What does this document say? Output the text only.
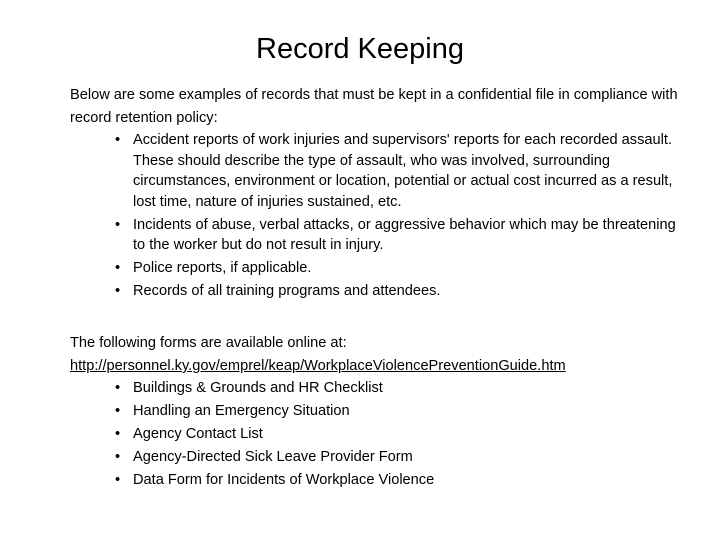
Record Keeping

Below are some examples of records that must be kept in a confidential file in compliance with record retention policy:

• Accident reports of work injuries and supervisors' reports for each recorded assault. These should describe the type of assault, who was involved, surrounding circumstances, environment or location, potential or actual cost incurred as a result, lost time, nature of injuries sustained, etc.
• Incidents of abuse, verbal attacks, or aggressive behavior which may be threatening to the worker but do not result in injury.
• Police reports, if applicable.
• Records of all training programs and attendees.

The following forms are available online at:

http://personnel.ky.gov/emprel/keap/WorkplaceViolencePreventionGuide.htm

• Buildings & Grounds and HR Checklist
• Handling an Emergency Situation
• Agency Contact List
• Agency-Directed Sick Leave Provider Form
• Data Form for Incidents of Workplace Violence
